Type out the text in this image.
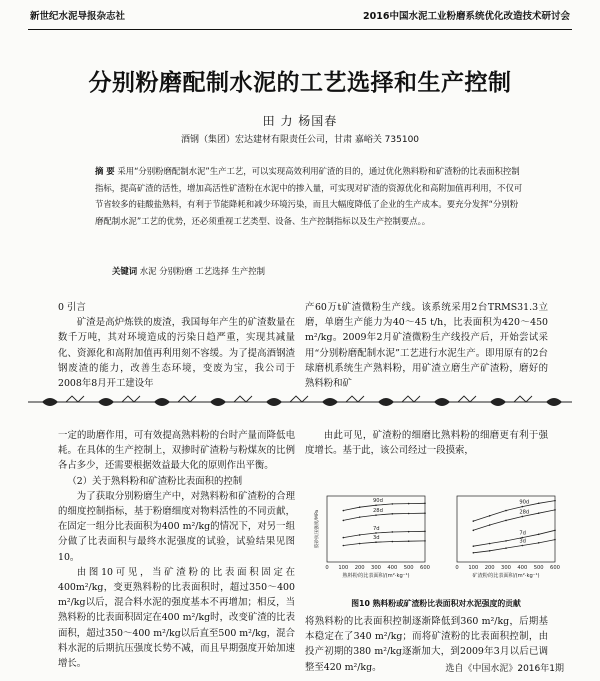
新世纪水泥导报杂志社	2016中国水泥工业粉磨系统优化改造技术研讨会
分别粉磨配制水泥的工艺选择和生产控制
田 力 杨国春
酒钢（集团）宏达建材有限责任公司，甘肃 嘉峪关 735100
摘 要 采用“分别粉磨配制水泥”生产工艺，可以实现高效利用矿渣的目的，通过优化熟料粉和矿渣粉的比表面积控制指标，提高矿渣的活性，增加高活性矿渣粉在水泥中的掺入量，可实现对矿渣的资源优化和高附加值再利用，不仅可节省较多的硅酸盐熟料，有利于节能降耗和减少环境污染，而且大幅度降低了企业的生产成本。要充分发挥“分别粉磨配制水泥”工艺的优势，还必须重视工艺类型、设备、生产控制指标以及生产控制要点。。
关键词 水泥 分别粉磨 工艺选择 生产控制

0 引言

矿渣是高炉炼铁的废渣，我国每年产生的矿渣数量在数千万吨，其对环境造成的污染日趋严重，实现其减量化、资源化和高附加值再利用刻不容缓。为了提高酒钢渣钢废渣的能力，改善生态环境，变废为宝，我公司于2008年8月开工建设年

产60万t矿渣微粉生产线。该系统采用2台TRMS31.3立磨，单磨生产能力为40～45 t/h，比表面积为420～450 m²/kg。2009年2月矿渣微粉生产线投产后，开始尝试采用“分别粉磨配制水泥”工艺进行水泥生产。即用原有的2台球磨机系统生产熟料粉，用矿渣立磨生产矿渣粉，磨好的熟料粉和矿

一定的助磨作用，可有效提高熟料粉的台时产量而降低电耗。在具体的生产控制上，双掺时矿渣粉与粉煤灰的比例各占多少，还需要根据效益最大化的原则作出平衡。

（2）关于熟料粉和矿渣粉比表面积的控制

为了获取分别粉磨生产中，对熟料粉和矿渣粉的合理的细度控制指标，基于粉磨细度对物料活性的不同贡献，在固定一组分比表面积为400 m²/kg的情况下，对另一组分做了比表面积与最终水泥强度的试验，试验结果见图10。

由图10可见，当矿渣粉的比表面积固定在400m²/kg，变更熟料粉的比表面积时，超过350～400 m²/kg以后，混合料水泥的强度基本不再增加；相反，当熟料粉的比表面积固定在400 m²/kg时，改变矿渣的比表面积，超过350～400 m²/kg以后直至500 m²/kg，混合料水泥的后期抗压强度长势不减，而且早期强度开始加速增长。

由此可见，矿渣粉的细磨比熟料粉的细磨更有利于强度增长。基于此，该公司经过一段摸索，

0 100 200 300 400 500 600
熟料粉的比表面积/(m²·kg⁻¹)
胶砂抗压强度/MPa
90d
28d
7d
3d
0 100 200 300 400 500 600
矿渣粉的比表面积/(m²·kg⁻¹)
90d
28d
7d
3d
图10 熟料粉或矿渣粉比表面积对水泥强度的贡献

将熟料粉的比表面积控制逐渐降低到360 m²/kg，后期基本稳定在了340 m²/kg；而将矿渣粉的比表面积控制，由投产初期的380 m²/kg逐渐加大，到2009年3月以后已调整至420 m²/kg。	选自《中国水泥》2016年1期
